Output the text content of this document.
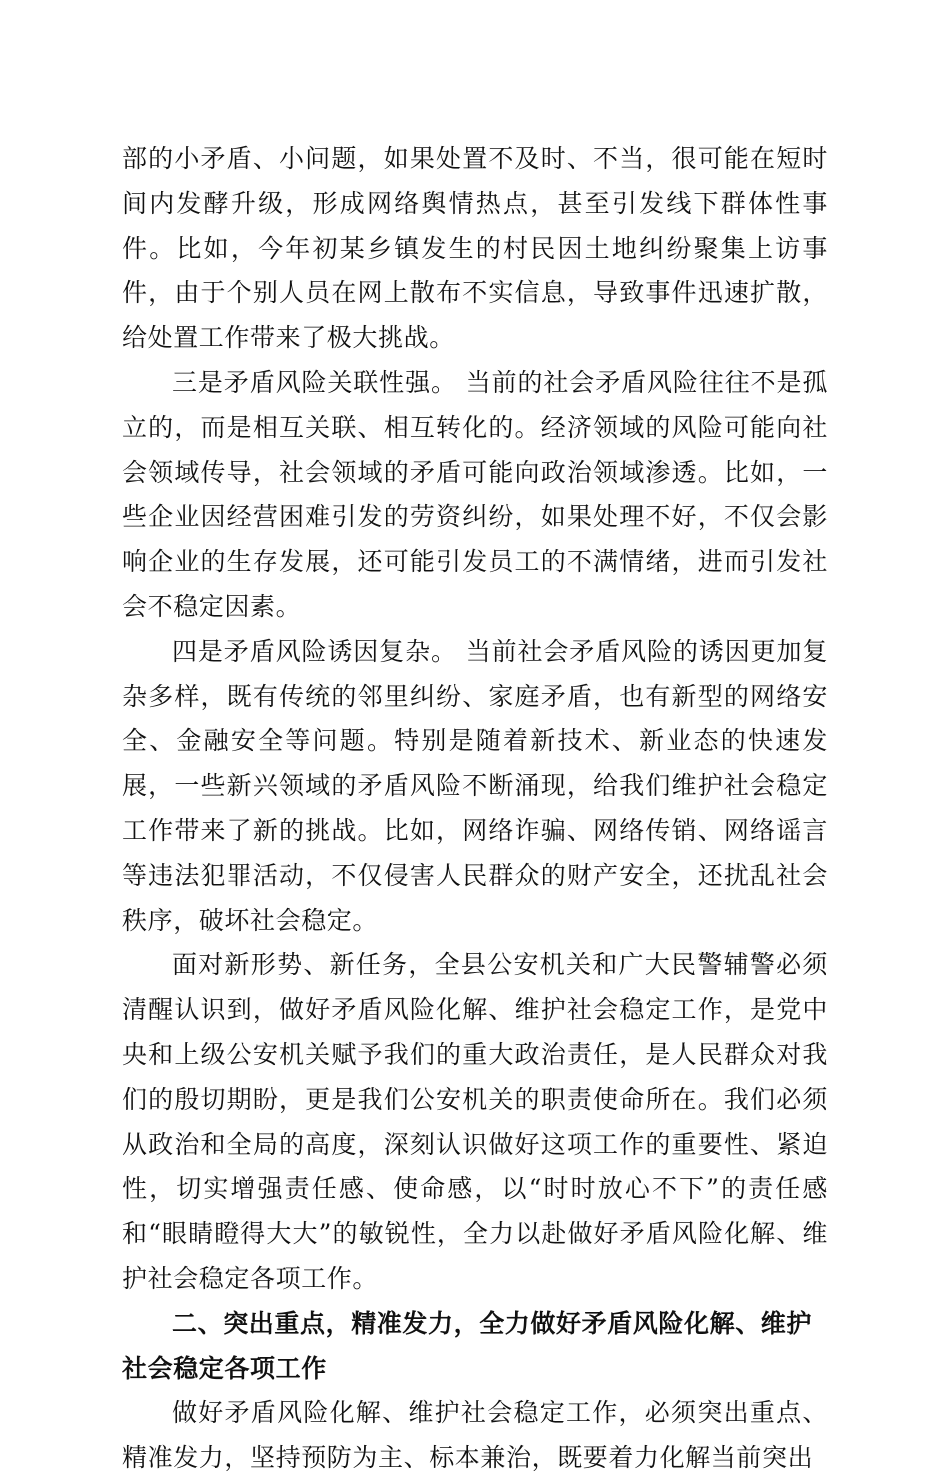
部的小矛盾、小问题，如果处置不及时、不当，很可能在短时间内发酵升级，形成网络舆情热点，甚至引发线下群体性事件。比如，今年初某乡镇发生的村民因土地纠纷聚集上访事件，由于个别人员在网上散布不实信息，导致事件迅速扩散，给处置工作带来了极大挑战。

三是矛盾风险关联性强。 当前的社会矛盾风险往往不是孤立的，而是相互关联、相互转化的。经济领域的风险可能向社会领域传导，社会领域的矛盾可能向政治领域渗透。比如，一些企业因经营困难引发的劳资纠纷，如果处理不好，不仅会影响企业的生存发展，还可能引发员工的不满情绪，进而引发社会不稳定因素。

四是矛盾风险诱因复杂。 当前社会矛盾风险的诱因更加复杂多样，既有传统的邻里纠纷、家庭矛盾，也有新型的网络安全、金融安全等问题。特别是随着新技术、新业态的快速发展，一些新兴领域的矛盾风险不断涌现，给我们维护社会稳定工作带来了新的挑战。比如，网络诈骗、网络传销、网络谣言等违法犯罪活动，不仅侵害人民群众的财产安全，还扰乱社会秩序，破坏社会稳定。

面对新形势、新任务，全县公安机关和广大民警辅警必须清醒认识到，做好矛盾风险化解、维护社会稳定工作，是党中央和上级公安机关赋予我们的重大政治责任，是人民群众对我们的殷切期盼，更是我们公安机关的职责使命所在。我们必须从政治和全局的高度，深刻认识做好这项工作的重要性、紧迫性，切实增强责任感、使命感，以“时时放心不下”的责任感和“眼睛瞪得大大”的敏锐性，全力以赴做好矛盾风险化解、维护社会稳定各项工作。

二、突出重点，精准发力，全力做好矛盾风险化解、维护社会稳定各项工作

做好矛盾风险化解、维护社会稳定工作，必须突出重点、精准发力，坚持预防为主、标本兼治，既要着力化解当前突出
